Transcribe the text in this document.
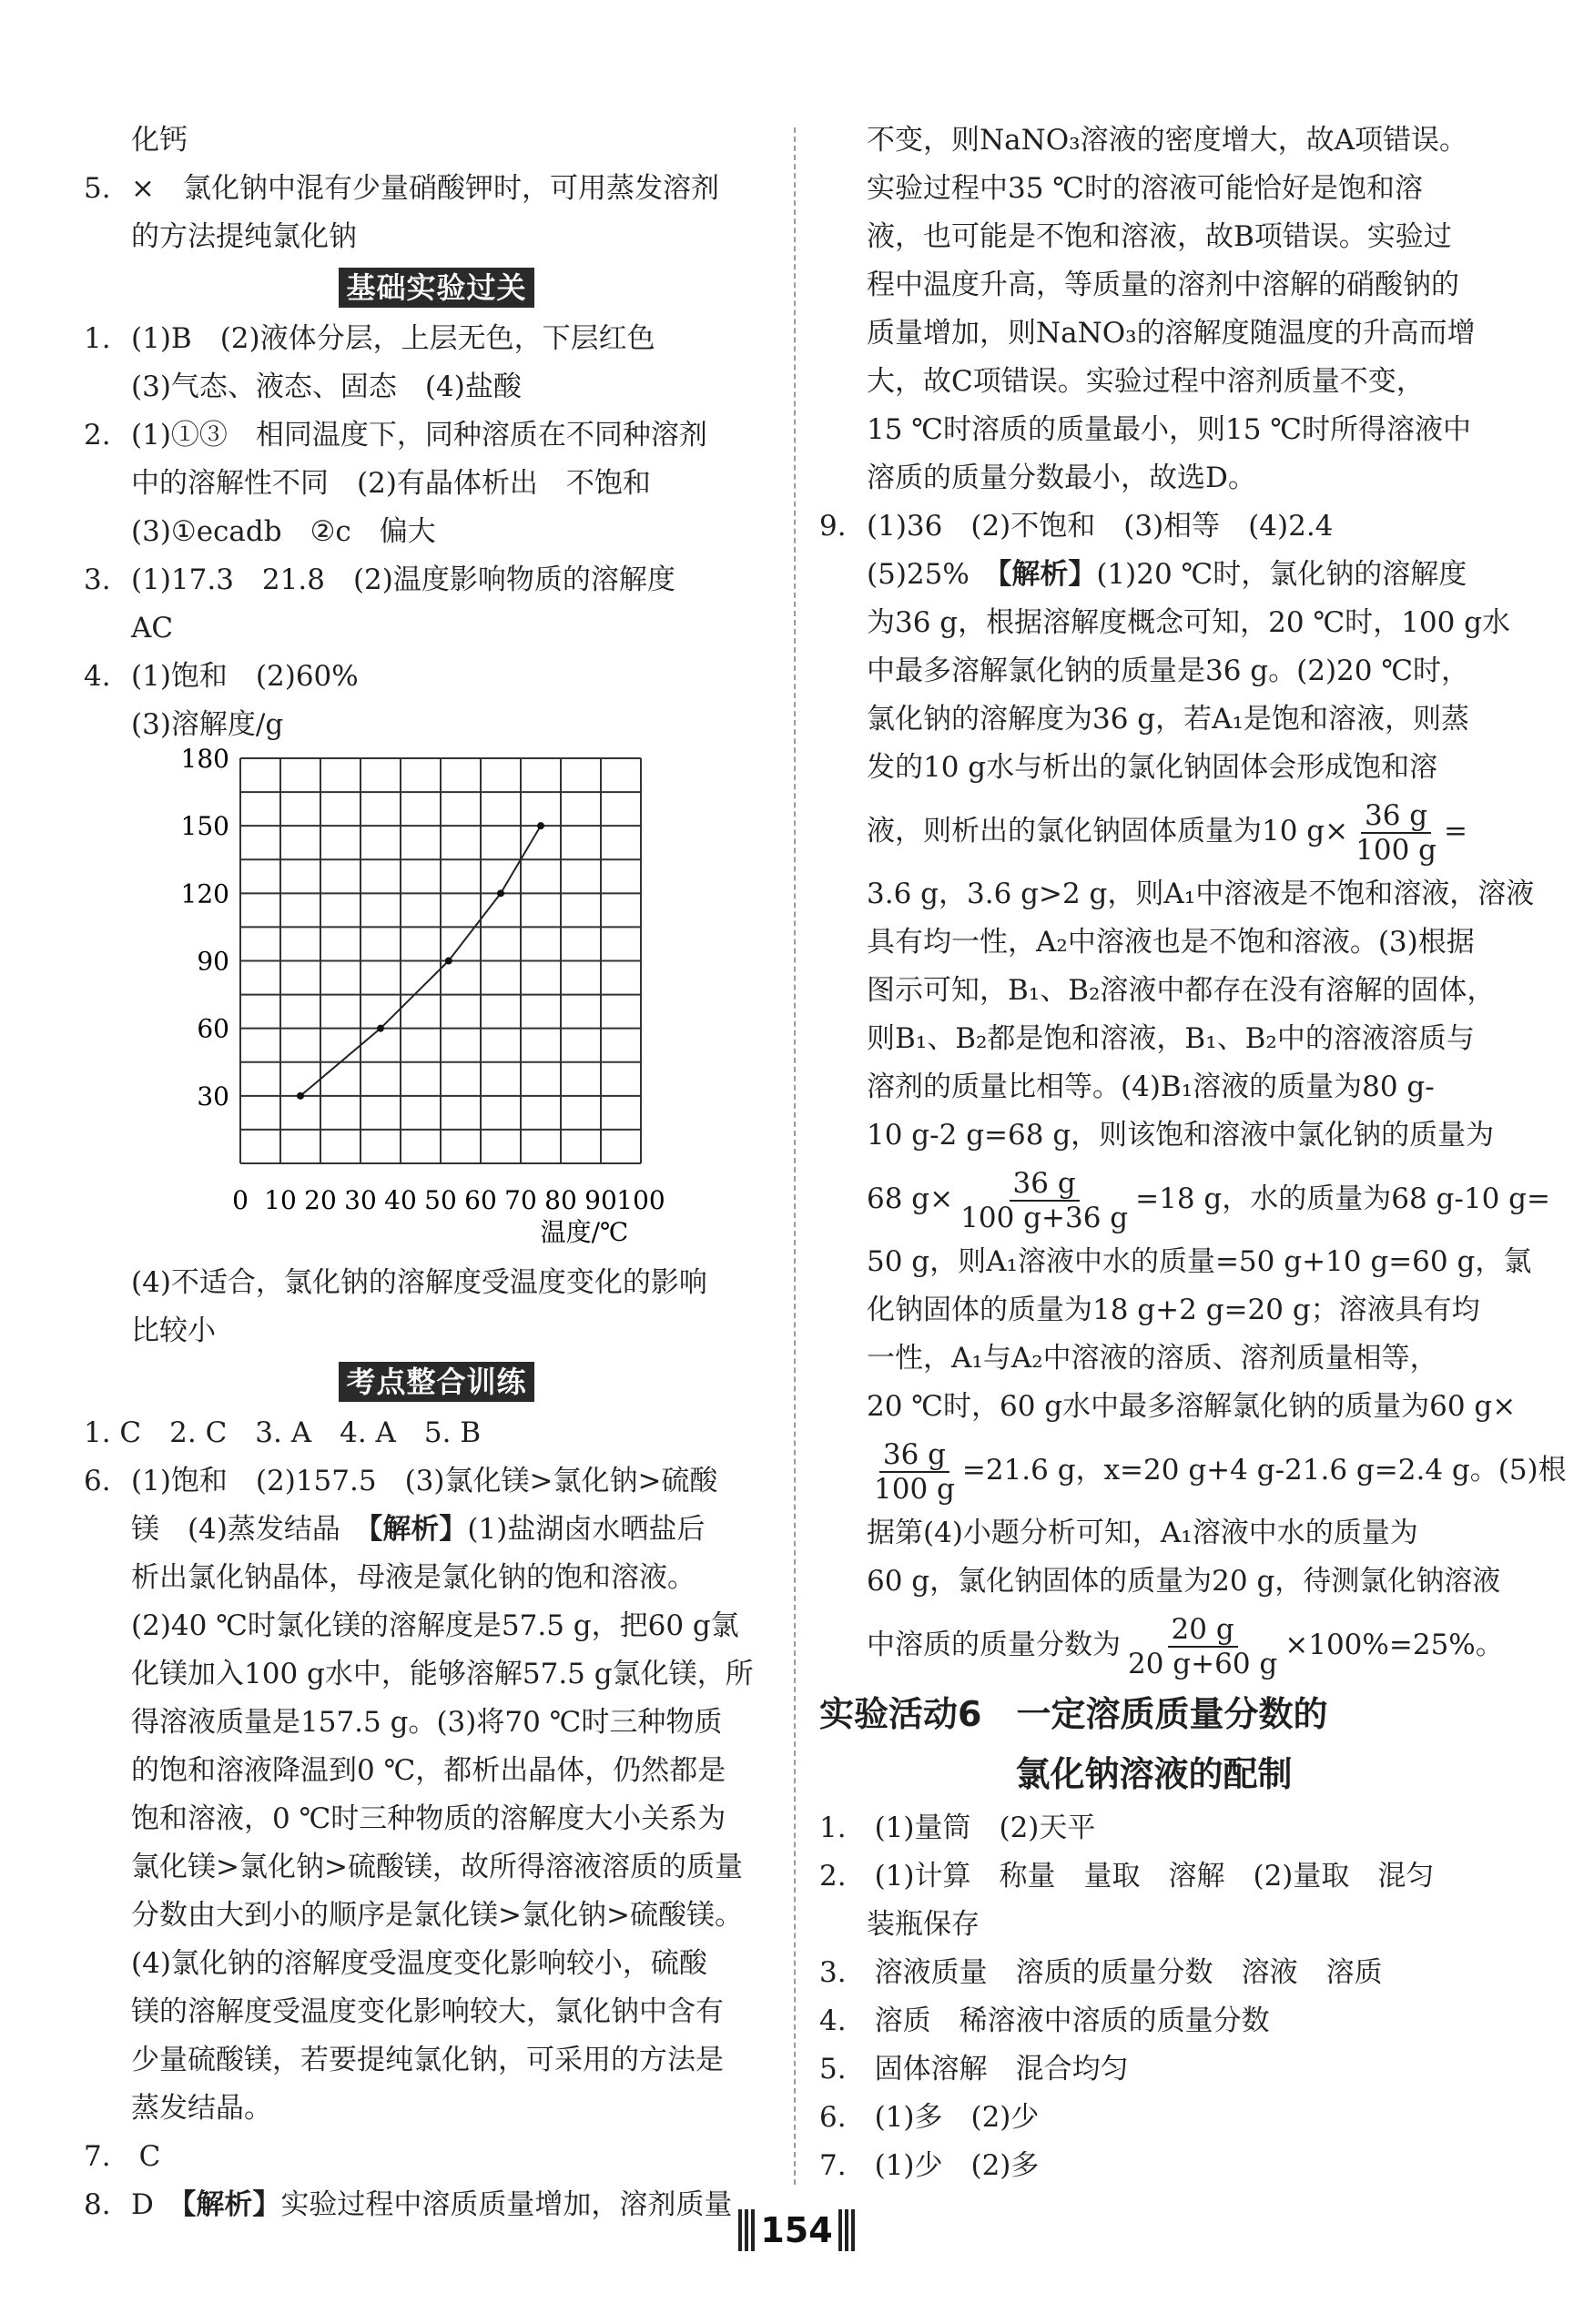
化钙
5. ×　氯化钠中混有少量硝酸钾时，可用蒸发溶剂
的方法提纯氯化钠
基础实验过关
1. (1)B　(2)液体分层，上层无色，下层红色
(3)气态、液态、固态　(4)盐酸
2. (1)①③　相同温度下，同种溶质在不同种溶剂
中的溶解性不同　(2)有晶体析出　不饱和
(3)①ecadb　②c　偏大
3. (1)17.3　21.8　(2)温度影响物质的溶解度
AC
4. (1)饱和　(2)60%
(3)溶解度/g
30
60
90
120
150
180
0 10 20 30 40 50 60 70 80 90 100
温度/℃
(4)不适合，氯化钠的溶解度受温度变化的影响
比较小
考点整合训练
1. C　2. C　3. A　4. A　5. B
6. (1)饱和　(2)157.5　(3)氯化镁>氯化钠>硫酸
镁　(4)蒸发结晶　【解析】(1)盐湖卤水晒盐后
析出氯化钠晶体，母液是氯化钠的饱和溶液。
(2)40 ℃时氯化镁的溶解度是57.5 g，把60 g氯
化镁加入100 g水中，能够溶解57.5 g氯化镁，所
得溶液质量是157.5 g。(3)将70 ℃时三种物质
的饱和溶液降温到0 ℃，都析出晶体，仍然都是
饱和溶液，0 ℃时三种物质的溶解度大小关系为
氯化镁>氯化钠>硫酸镁，故所得溶液溶质的质量
分数由大到小的顺序是氯化镁>氯化钠>硫酸镁。
(4)氯化钠的溶解度受温度变化影响较小，硫酸
镁的溶解度受温度变化影响较大，氯化钠中含有
少量硫酸镁，若要提纯氯化钠，可采用的方法是
蒸发结晶。
7.　C
8. D　【解析】实验过程中溶质质量增加，溶剂质量
不变，则NaNO₃溶液的密度增大，故A项错误。
实验过程中35 ℃时的溶液可能恰好是饱和溶
液，也可能是不饱和溶液，故B项错误。实验过
程中温度升高，等质量的溶剂中溶解的硝酸钠的
质量增加，则NaNO₃的溶解度随温度的升高而增
大，故C项错误。实验过程中溶剂质量不变，
15 ℃时溶质的质量最小，则15 ℃时所得溶液中
溶质的质量分数最小，故选D。
9. (1)36　(2)不饱和　(3)相等　(4)2.4
(5)25%　【解析】(1)20 ℃时，氯化钠的溶解度
为36 g，根据溶解度概念可知，20 ℃时，100 g水
中最多溶解氯化钠的质量是36 g。(2)20 ℃时，
氯化钠的溶解度为36 g，若A₁是饱和溶液，则蒸
发的10 g水与析出的氯化钠固体会形成饱和溶
液，则析出的氯化钠固体质量为10 $g\times \frac{36 g}{100 g}$ =
3.6 g，3.6 g>2 g，则A₁中溶液是不饱和溶液，溶液
具有均一性，A₂中溶液也是不饱和溶液。(3)根据
图示可知，B₁、B₂溶液中都存在没有溶解的固体，
则B₁、B₂都是饱和溶液，B₁、B₂中的溶液溶质与
溶剂的质量比相等。(4)B₁溶液的质量为80 g-
10 g-2 g=68 g，则该饱和溶液中氯化钠的质量为
68 $g\times \frac{36 g}{100 g+36 g} =18$ g，水的质量为68 g-10 g=
50 g，则A₁溶液中水的质量=50 g+10 g=60 g，氯
化钠固体的质量为18 g+2 g=20 g；溶液具有均
一性，A₁与A₂中溶液的溶质、溶剂质量相等，
20 ℃时，60 g水中最多溶解氯化钠的质量为60 g×
$\frac{36 g}{100 g} =21.6$ g，x=20 g+4 g-21.6 g=2.4 g。(5)根
据第(4)小题分析可知，A₁溶液中水的质量为
60 g，氯化钠固体的质量为20 g，待测氯化钠溶液
中溶质的质量分数为 $\frac{20 g}{20 g+60 g} \times 100\%=25\%$。
实验活动6　一定溶质质量分数的
氯化钠溶液的配制
1.　(1)量筒　(2)天平
2.　(1)计算　称量　量取　溶解　(2)量取　混匀
装瓶保存
3.　溶液质量　溶质的质量分数　溶液　溶质
4.　溶质　稀溶液中溶质的质量分数
5.　固体溶解　混合均匀
6.　(1)多　(2)少
7.　(1)少　(2)多
154
